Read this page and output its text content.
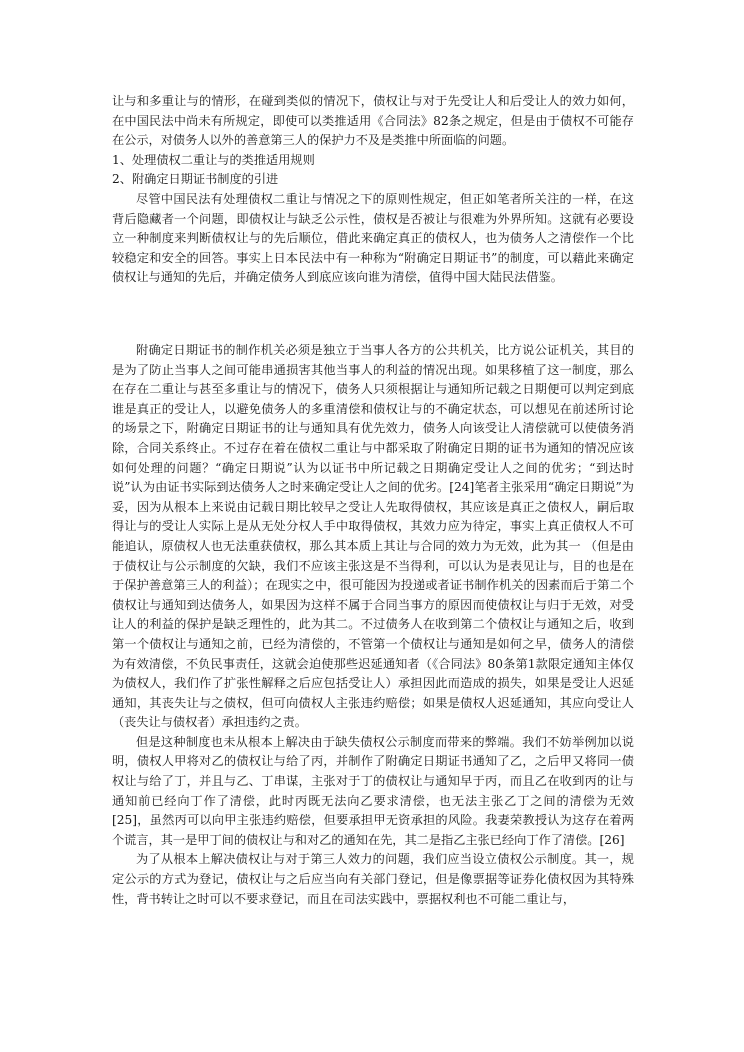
让与和多重让与的情形，在碰到类似的情况下，债权让与对于先受让人和后受让人的效力如何，在中国民法中尚未有所规定，即使可以类推适用《合同法》82条之规定，但是由于债权不可能存在公示，对债务人以外的善意第三人的保护力不及是类推中所面临的问题。

1、处理债权二重让与的类推适用规则

2、附确定日期证书制度的引进

尽管中国民法有处理债权二重让与情况之下的原则性规定，但正如笔者所关注的一样，在这背后隐藏者一个问题，即债权让与缺乏公示性，债权是否被让与很难为外界所知。这就有必要设立一种制度来判断债权让与的先后顺位，借此来确定真正的债权人，也为债务人之清偿作一个比较稳定和安全的回答。事实上日本民法中有一种称为“附确定日期证书”的制度，可以藉此来确定债权让与通知的先后，并确定债务人到底应该向谁为清偿，值得中国大陆民法借鉴。

附确定日期证书的制作机关必须是独立于当事人各方的公共机关，比方说公证机关，其目的是为了防止当事人之间可能串通损害其他当事人的利益的情况出现。如果移植了这一制度，那么在存在二重让与甚至多重让与的情况下，债务人只须根据让与通知所记载之日期便可以判定到底谁是真正的受让人，以避免债务人的多重清偿和债权让与的不确定状态，可以想见在前述所讨论的场景之下，附确定日期证书的让与通知具有优先效力，债务人向该受让人清偿就可以使债务消除，合同关系终止。不过存在着在债权二重让与中都采取了附确定日期的证书为通知的情况应该如何处理的问题？“确定日期说”认为以证书中所记载之日期确定受让人之间的优劣；“到达时说”认为由证书实际到达债务人之时来确定受让人之间的优劣。[24]笔者主张采用“确定日期说”为妥，因为从根本上来说由记载日期比较早之受让人先取得债权，其应该是真正之债权人，嗣后取得让与的受让人实际上是从无处分权人手中取得债权，其效力应为待定，事实上真正债权人不可能追认，原债权人也无法重获债权，那么其本质上其让与合同的效力为无效，此为其一 （但是由于债权让与公示制度的欠缺，我们不应该主张这是不当得利，可以认为是表见让与，目的也是在于保护善意第三人的利益）；在现实之中，很可能因为投递或者证书制作机关的因素而后于第二个债权让与通知到达债务人，如果因为这样不属于合同当事方的原因而使债权让与归于无效，对受让人的利益的保护是缺乏理性的，此为其二。不过债务人在收到第二个债权让与通知之后，收到第一个债权让与通知之前，已经为清偿的，不管第一个债权让与通知是如何之早，债务人的清偿为有效清偿，不负民事责任，这就会迫使那些迟延通知者（《合同法》80条第1款限定通知主体仅为债权人，我们作了扩张性解释之后应包括受让人）承担因此而造成的损失，如果是受让人迟延通知，其丧失让与之债权，但可向债权人主张违约赔偿；如果是债权人迟延通知，其应向受让人（丧失让与债权者）承担违约之责。

但是这种制度也未从根本上解决由于缺失债权公示制度而带来的弊端。我们不妨举例加以说明，债权人甲将对乙的债权让与给了丙，并制作了附确定日期证书通知了乙，之后甲又将同一债权让与给了丁，并且与乙、丁串谋，主张对于丁的债权让与通知早于丙，而且乙在收到丙的让与通知前已经向丁作了清偿，此时丙既无法向乙要求清偿，也无法主张乙丁之间的清偿为无效[25]，虽然丙可以向甲主张违约赔偿，但要承担甲无资承担的风险。我妻荣教授认为这存在着两个谎言，其一是甲丁间的债权让与和对乙的通知在先，其二是指乙主张已经向丁作了清偿。[26]

为了从根本上解决债权让与对于第三人效力的问题，我们应当设立债权公示制度。其一，规定公示的方式为登记，债权让与之后应当向有关部门登记，但是像票据等证券化债权因为其特殊性，背书转让之时可以不要求登记，而且在司法实践中，票据权利也不可能二重让与，
